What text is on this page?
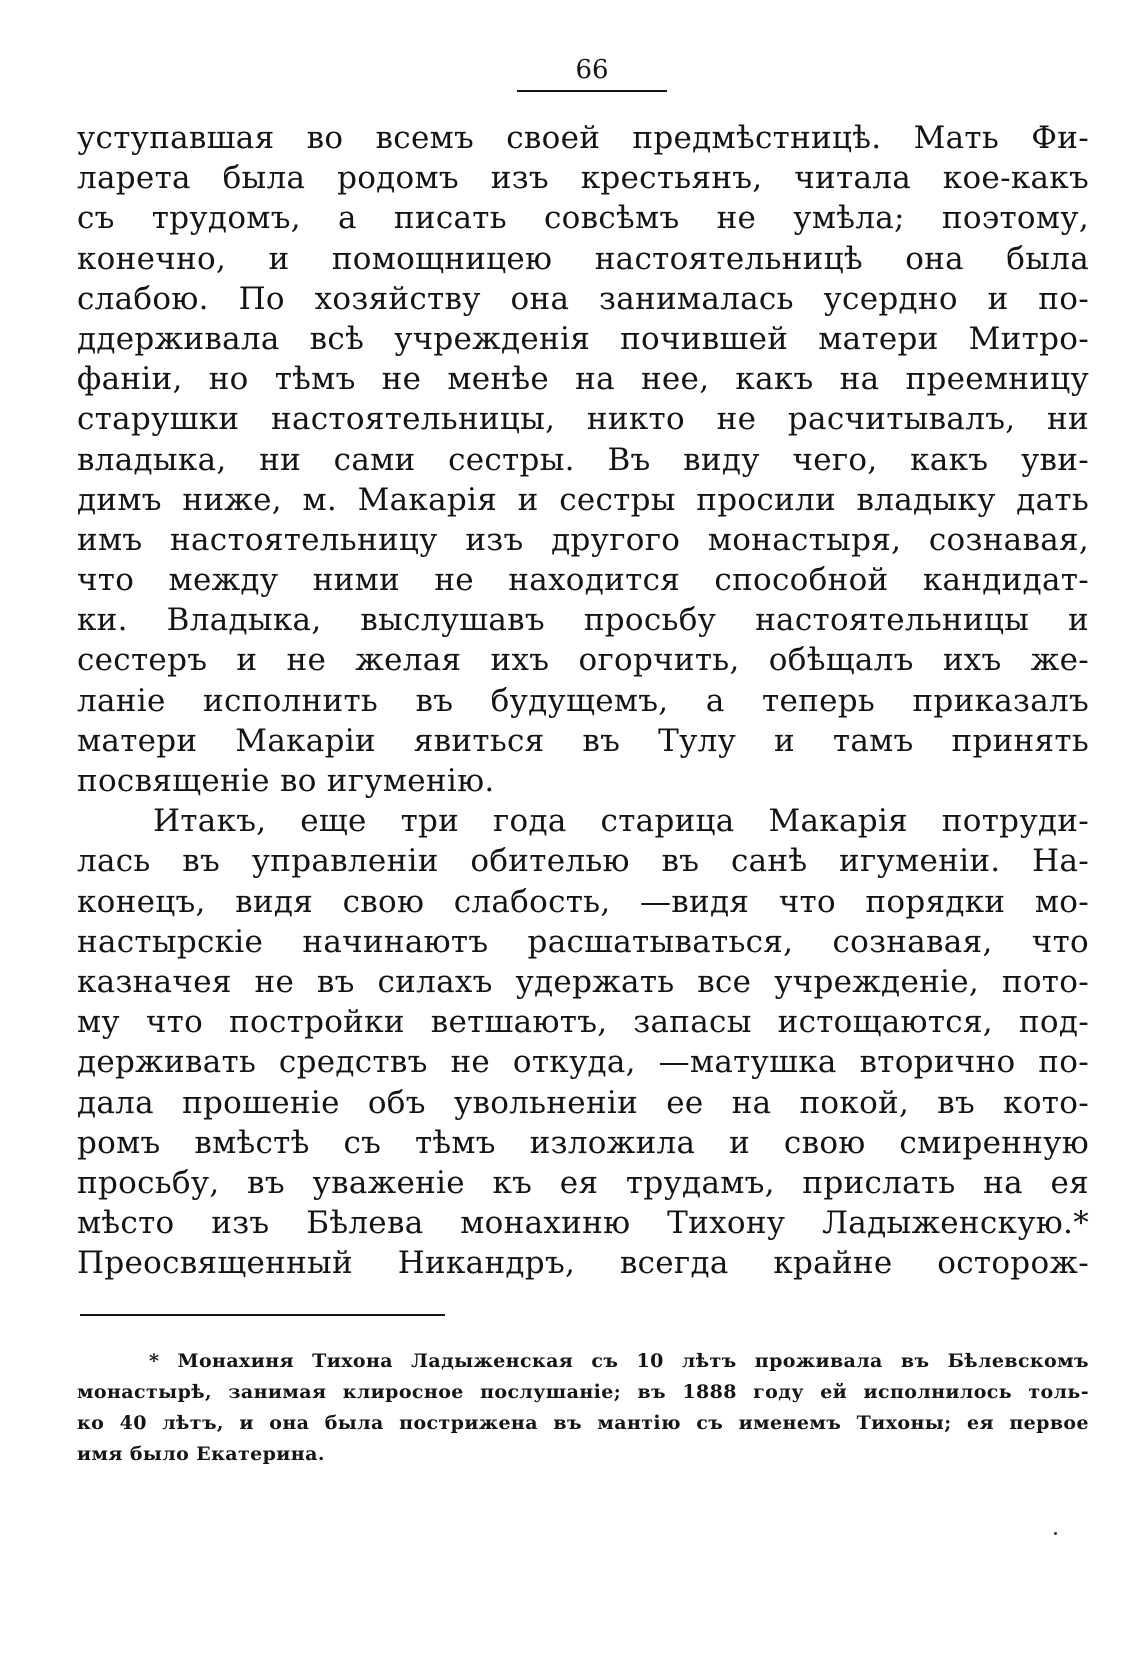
66
уступавшая во всемъ своей предмѣстницѣ. Мать Фи-
ларета была родомъ изъ крестьянъ, читала кое-какъ
съ трудомъ, а писать совсѣмъ не умѣла; поэтому,
конечно, и помощницею настоятельницѣ она была
слабою. По хозяйству она занималась усердно и по-
ддерживала всѣ учрежденія почившей матери Митро-
фаніи, но тѣмъ не менѣе на нее, какъ на преемницу
старушки настоятельницы, никто не расчитывалъ, ни
владыка, ни сами сестры. Въ виду чего, какъ уви-
димъ ниже, м. Макарія и сестры просили владыку дать
имъ настоятельницу изъ другого монастыря, сознавая,
что между ними не находится способной кандидат-
ки. Владыка, выслушавъ просьбу настоятельницы и
сестеръ и не желая ихъ огорчить, обѣщалъ ихъ же-
ланіе исполнить въ будущемъ, а теперь приказалъ
матери Макаріи явиться въ Тулу и тамъ принять
посвященіе во игуменію.
Итакъ, еще три года старица Макарія потруди-
лась въ управленіи обителью въ санѣ игуменіи. На-
конецъ, видя свою слабость, —видя что порядки мо-
настырскіе начинаютъ расшатываться, сознавая, что
казначея не въ силахъ удержать все учрежденіе, пото-
му что постройки ветшаютъ, запасы истощаются, под-
держивать средствъ не откуда, —матушка вторично по-
дала прошеніе объ увольненіи ее на покой, въ кото-
ромъ вмѣстѣ съ тѣмъ изложила и свою смиренную
просьбу, въ уваженіе къ ея трудамъ, прислать на ея
мѣсто изъ Бѣлева монахиню Тихону Ладыженскую.*
Преосвященный Никандръ, всегда крайне осторож-
* Монахиня Тихона Ладыженская съ 10 лѣтъ проживала въ Бѣлевскомъ
монастырѣ, занимая клиросное послушаніе; въ 1888 году ей исполнилось толь-
ко 40 лѣтъ, и она была пострижена въ мантію съ именемъ Тихоны; ея первое
имя было Екатерина.
